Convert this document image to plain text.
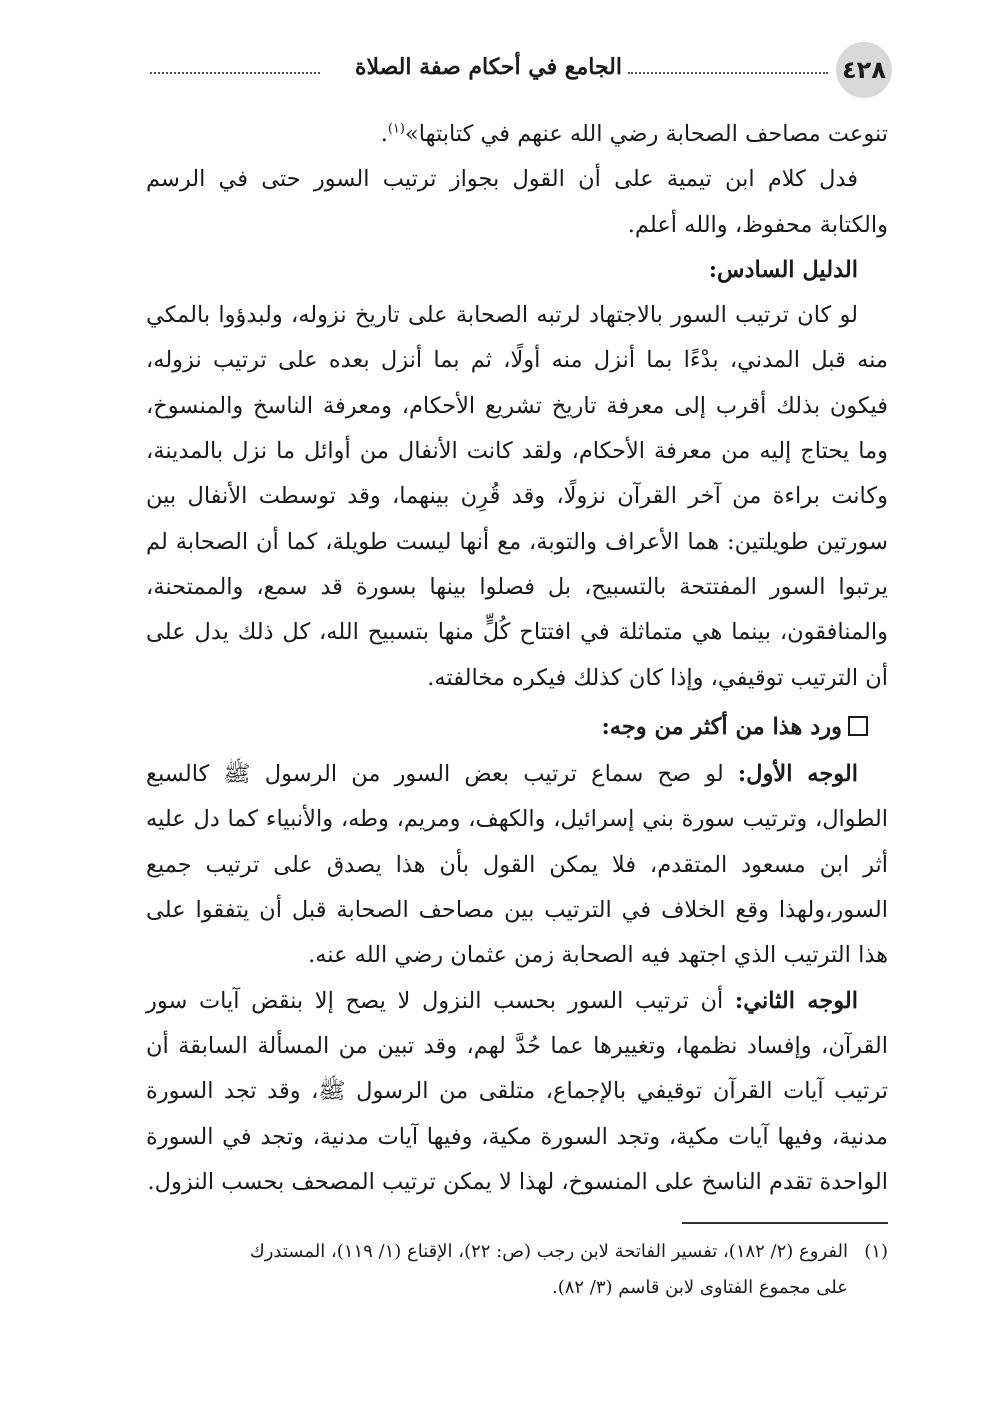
٤٢٨
الجامع في أحكام صفة الصلاة

تنوعت مصاحف الصحابة رضي الله عنهم في كتابتها»$^{(١)}$.

فدل كلام ابن تيمية على أن القول بجواز ترتيب السور حتى في الرسم والكتابة محفوظ، والله أعلم.

الدليل السادس:

لو كان ترتيب السور بالاجتهاد لرتبه الصحابة على تاريخ نزوله، ولبدؤوا بالمكي منه قبل المدني، بدْءًا بما أنزل منه أولًا، ثم بما أنزل بعده على ترتيب نزوله، فيكون بذلك أقرب إلى معرفة تاريخ تشريع الأحكام، ومعرفة الناسخ والمنسوخ، وما يحتاج إليه من معرفة الأحكام، ولقد كانت الأنفال من أوائل ما نزل بالمدينة، وكانت براءة من آخر القرآن نزولًا، وقد قُرِن بينهما، وقد توسطت الأنفال بين سورتين طويلتين: هما الأعراف والتوبة، مع أنها ليست طويلة، كما أن الصحابة لم يرتبوا السور المفتتحة بالتسبيح، بل فصلوا بينها بسورة قد سمع، والممتحنة، والمنافقون، بينما هي متماثلة في افتتاح كُلٍّ منها بتسبيح الله، كل ذلك يدل على أن الترتيب توقيفي، وإذا كان كذلك فيكره مخالفته.

ورد هذا من أكثر من وجه:

الوجه الأول: لو صح سماع ترتيب بعض السور من الرسول ﷺ كالسبع الطوال، وترتيب سورة بني إسرائيل، والكهف، ومريم، وطه، والأنبياء كما دل عليه أثر ابن مسعود المتقدم، فلا يمكن القول بأن هذا يصدق على ترتيب جميع السور،ولهذا وقع الخلاف في الترتيب بين مصاحف الصحابة قبل أن يتفقوا على هذا الترتيب الذي اجتهد فيه الصحابة زمن عثمان رضي الله عنه.

الوجه الثاني: أن ترتيب السور بحسب النزول لا يصح إلا بنقض آيات سور القرآن، وإفساد نظمها، وتغييرها عما حُدَّ لهم، وقد تبين من المسألة السابقة أن ترتيب آيات القرآن توقيفي بالإجماع، متلقى من الرسول ﷺ، وقد تجد السورة مدنية، وفيها آيات مكية، وتجد السورة مكية، وفيها آيات مدنية، وتجد في السورة الواحدة تقدم الناسخ على المنسوخ، لهذا لا يمكن ترتيب المصحف بحسب النزول.

(١)الفروع (٢/ ١٨٢)، تفسير الفاتحة لابن رجب (ص: ٢٢)، الإقناع (١/ ١١٩)، المستدرك
على مجموع الفتاوى لابن قاسم (٣/ ٨٢).
